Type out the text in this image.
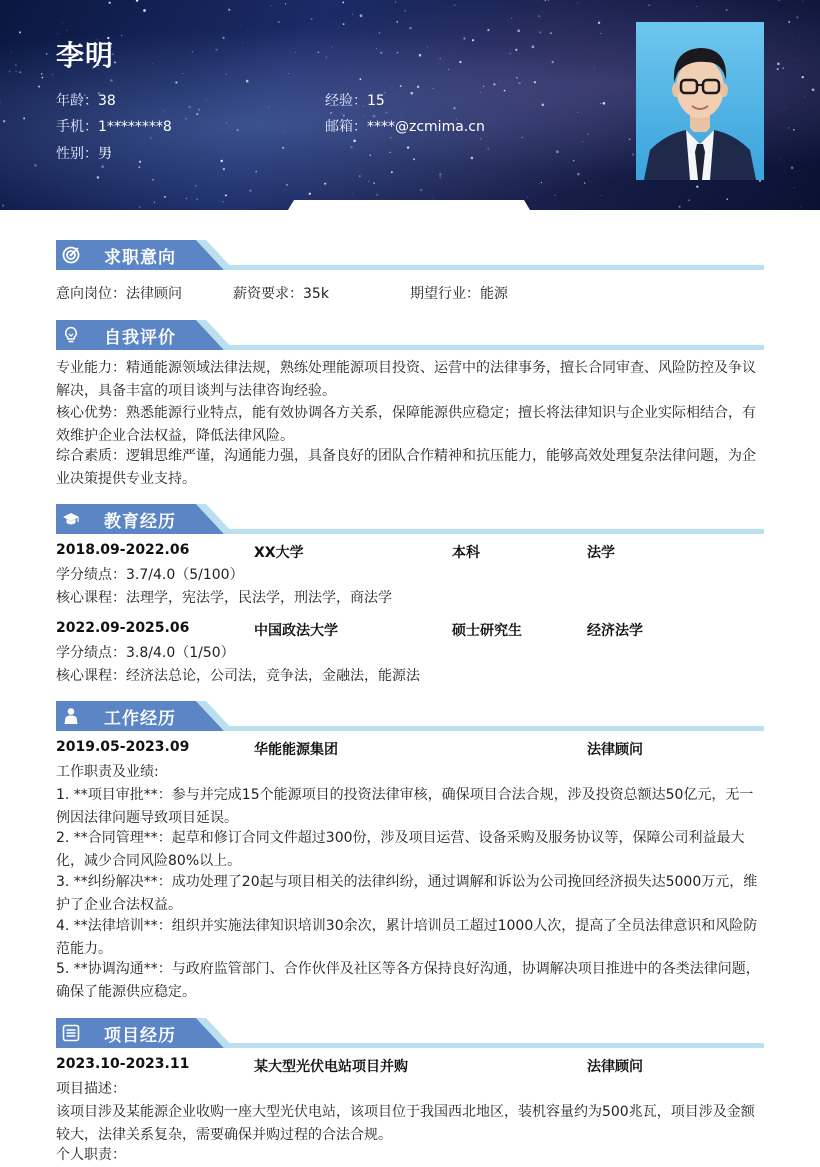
李明
年龄：38	经验：15
手机：1********8	邮箱：****@zcmima.cn
性别：男
求职意向
意向岗位：法律顾问	薪资要求：35k	期望行业：能源
自我评价
专业能力：精通能源领域法律法规，熟练处理能源项目投资、运营中的法律事务，擅长合同审查、风险防控及争议解决，具备丰富的项目谈判与法律咨询经验。
核心优势：熟悉能源行业特点，能有效协调各方关系，保障能源供应稳定；擅长将法律知识与企业实际相结合，有效维护企业合法权益，降低法律风险。
综合素质：逻辑思维严谨，沟通能力强，具备良好的团队合作精神和抗压能力，能够高效处理复杂法律问题，为企业决策提供专业支持。
教育经历
2018.09-2022.06	XX大学	本科	法学
学分绩点：3.7/4.0（5/100）
核心课程：法理学，宪法学，民法学，刑法学，商法学
2022.09-2025.06	中国政法大学	硕士研究生	经济法学
学分绩点：3.8/4.0（1/50）
核心课程：经济法总论，公司法，竞争法，金融法，能源法
工作经历
2019.05-2023.09	华能能源集团	法律顾问
工作职责及业绩:
1. **项目审批**：参与并完成15个能源项目的投资法律审核，确保项目合法合规，涉及投资总额达50亿元，无一例因法律问题导致项目延误。
2. **合同管理**：起草和修订合同文件超过300份，涉及项目运营、设备采购及服务协议等，保障公司利益最大化，减少合同风险80%以上。
3. **纠纷解决**：成功处理了20起与项目相关的法律纠纷，通过调解和诉讼为公司挽回经济损失达5000万元，维护了企业合法权益。
4. **法律培训**：组织并实施法律知识培训30余次，累计培训员工超过1000人次，提高了全员法律意识和风险防范能力。
5. **协调沟通**：与政府监管部门、合作伙伴及社区等各方保持良好沟通，协调解决项目推进中的各类法律问题，确保了能源供应稳定。
项目经历
2023.10-2023.11	某大型光伏电站项目并购	法律顾问
项目描述：
该项目涉及某能源企业收购一座大型光伏电站，该项目位于我国西北地区，装机容量约为500兆瓦，项目涉及金额较大，法律关系复杂，需要确保并购过程的合法合规。
个人职责：
